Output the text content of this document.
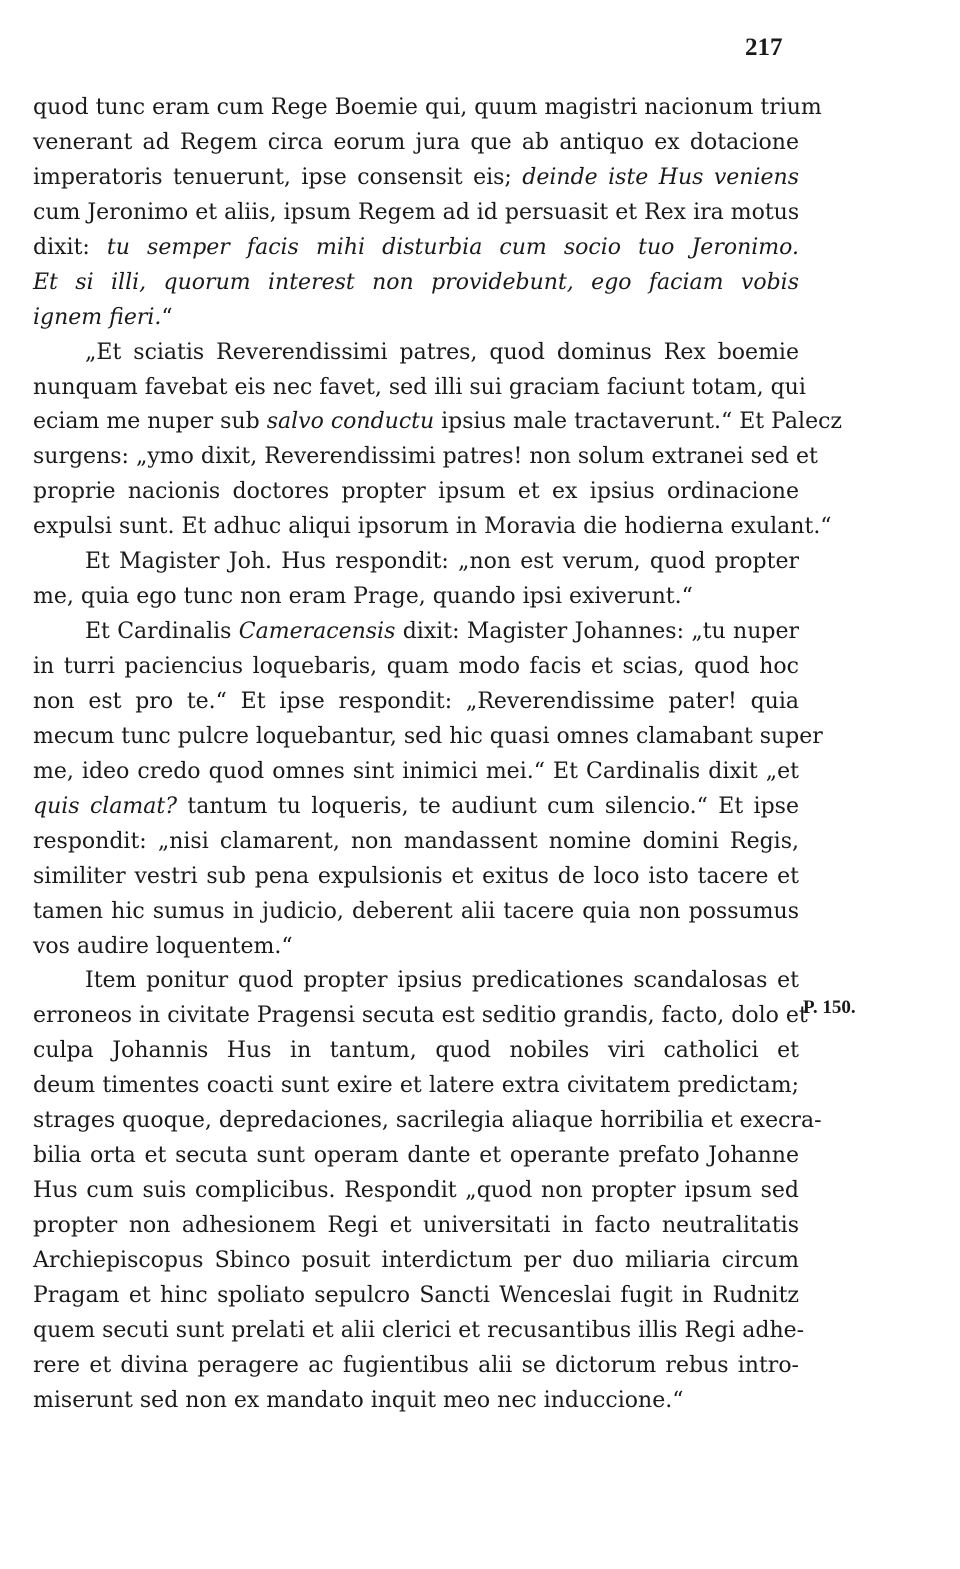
217
P. 150.
quod tunc eram cum Rege Boemie qui, quum magistri nacionum trium
venerant ad Regem circa eorum jura que ab antiquo ex dotacione
imperatoris tenuerunt, ipse consensit eis; deinde iste Hus veniens
cum Jeronimo et aliis, ipsum Regem ad id persuasit et Rex ira motus
dixit: tu semper facis mihi disturbia cum socio tuo Jeronimo.
Et si illi, quorum interest non providebunt, ego faciam vobis
ignem fieri.“
„Et sciatis Reverendissimi patres, quod dominus Rex boemie
nunquam favebat eis nec favet, sed illi sui graciam faciunt totam, qui
eciam me nuper sub salvo conductu ipsius male tractaverunt.“ Et Palecz
surgens: „ymo dixit, Reverendissimi patres! non solum extranei sed et
proprie nacionis doctores propter ipsum et ex ipsius ordinacione
expulsi sunt. Et adhuc aliqui ipsorum in Moravia die hodierna exulant.“
Et Magister Joh. Hus respondit: „non est verum, quod propter
me, quia ego tunc non eram Prage, quando ipsi exiverunt.“
Et Cardinalis Cameracensis dixit: Magister Johannes: „tu nuper
in turri paciencius loquebaris, quam modo facis et scias, quod hoc
non est pro te.“ Et ipse respondit: „Reverendissime pater! quia
mecum tunc pulcre loquebantur, sed hic quasi omnes clamabant super
me, ideo credo quod omnes sint inimici mei.“ Et Cardinalis dixit „et
quis clamat? tantum tu loqueris, te audiunt cum silencio.“ Et ipse
respondit: „nisi clamarent, non mandassent nomine domini Regis,
similiter vestri sub pena expulsionis et exitus de loco isto tacere et
tamen hic sumus in judicio, deberent alii tacere quia non possumus
vos audire loquentem.“
Item ponitur quod propter ipsius predicationes scandalosas et
erroneos in civitate Pragensi secuta est seditio grandis, facto, dolo et
culpa Johannis Hus in tantum, quod nobiles viri catholici et
deum timentes coacti sunt exire et latere extra civitatem predictam;
strages quoque, depredaciones, sacrilegia aliaque horribilia et execra-
bilia orta et secuta sunt operam dante et operante prefato Johanne
Hus cum suis complicibus. Respondit „quod non propter ipsum sed
propter non adhesionem Regi et universitati in facto neutralitatis
Archiepiscopus Sbinco posuit interdictum per duo miliaria circum
Pragam et hinc spoliato sepulcro Sancti Wenceslai fugit in Rudnitz
quem secuti sunt prelati et alii clerici et recusantibus illis Regi adhe-
rere et divina peragere ac fugientibus alii se dictorum rebus intro-
miserunt sed non ex mandato inquit meo nec induccione.“
